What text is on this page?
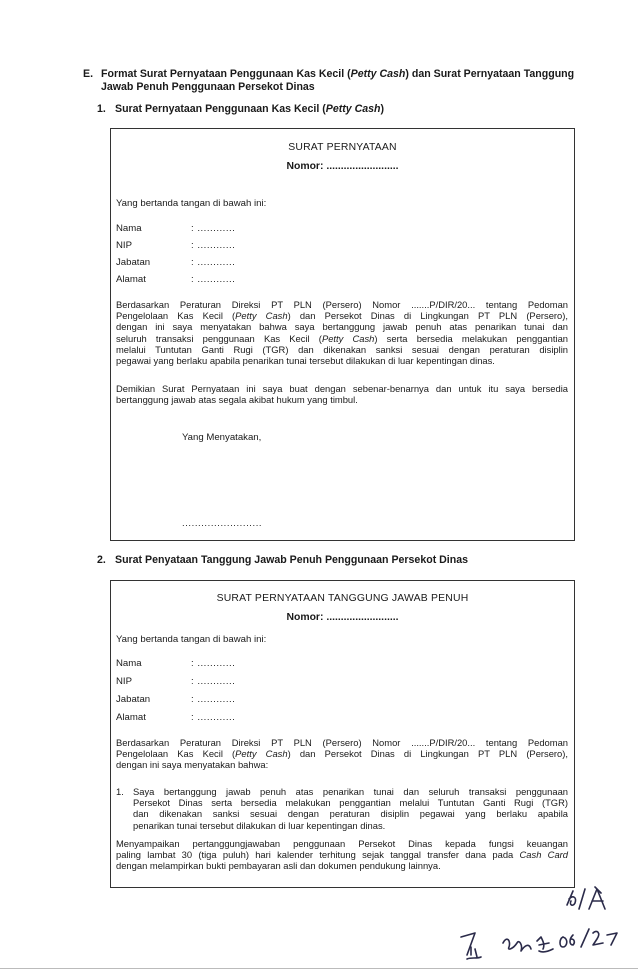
E. Format Surat Pernyataan Penggunaan Kas Kecil (Petty Cash) dan Surat Pernyataan Tanggung
Jawab Penuh Penggunaan Persekot Dinas
1. Surat Pernyataan Penggunaan Kas Kecil (Petty Cash)
SURAT PERNYATAAN
Nomor: .........................
Yang bertanda tangan di bawah ini:
Nama	: ............
NIP	: ............
Jabatan	: ............
Alamat	: ............
Berdasarkan Peraturan Direksi PT PLN (Persero) Nomor .......P/DIR/20... tentang Pedoman
Pengelolaan Kas Kecil (Petty Cash) dan Persekot Dinas di Lingkungan PT PLN (Persero),
dengan ini saya menyatakan bahwa saya bertanggung jawab penuh atas penarikan tunai dan
seluruh transaksi penggunaan Kas Kecil (Petty Cash) serta bersedia melakukan penggantian
melalui Tuntutan Ganti Rugi (TGR) dan dikenakan sanksi sesuai dengan peraturan disiplin
pegawai yang berlaku apabila penarikan tunai tersebut dilakukan di luar kepentingan dinas.
Demikian Surat Pernyataan ini saya buat dengan sebenar-benarnya dan untuk itu saya bersedia
bertanggung jawab atas segala akibat hukum yang timbul.
Yang Menyatakan,
.........................
2. Surat Penyataan Tanggung Jawab Penuh Penggunaan Persekot Dinas
SURAT PERNYATAAN TANGGUNG JAWAB PENUH
Nomor: .........................
Yang bertanda tangan di bawah ini:
Nama	: ............
NIP	: ............
Jabatan	: ............
Alamat	: ............
Berdasarkan Peraturan Direksi PT PLN (Persero) Nomor .......P/DIR/20... tentang Pedoman
Pengelolaan Kas Kecil (Petty Cash) dan Persekot Dinas di Lingkungan PT PLN (Persero),
dengan ini saya menyatakan bahwa:
1. Saya bertanggung jawab penuh atas penarikan tunai dan seluruh transaksi penggunaan
Persekot Dinas serta bersedia melakukan penggantian melalui Tuntutan Ganti Rugi (TGR)
dan dikenakan sanksi sesuai dengan peraturan disiplin pegawai yang berlaku apabila
penarikan tunai tersebut dilakukan di luar kepentingan dinas.
Menyampaikan pertanggungjawaban penggunaan Persekot Dinas kepada fungsi keuangan
paling lambat 30 (tiga puluh) hari kalender terhitung sejak tanggal transfer dana pada Cash Card
dengan melampirkan bukti pembayaran asli dan dokumen pendukung lainnya.
